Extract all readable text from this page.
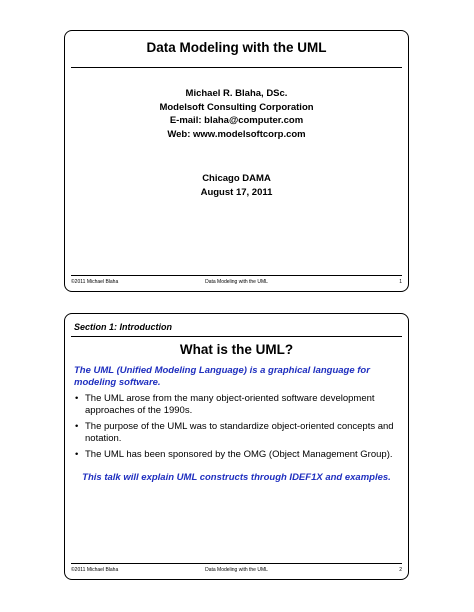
Data Modeling with the UML
Michael R. Blaha, DSc.
Modelsoft Consulting Corporation
E-mail: blaha@computer.com
Web: www.modelsoftcorp.com
Chicago DAMA
August 17, 2011
©2011 Michael Blaha	Data Modeling with the UML	1
Section 1: Introduction
What is the UML?
The UML (Unified Modeling Language) is a graphical language for modeling software.
• The UML arose from the many object-oriented software development approaches of the 1990s.
• The purpose of the UML was to standardize object-oriented concepts and notation.
• The UML has been sponsored by the OMG (Object Management Group).
This talk will explain UML constructs through IDEF1X and examples.
©2011 Michael Blaha	Data Modeling with the UML	2
